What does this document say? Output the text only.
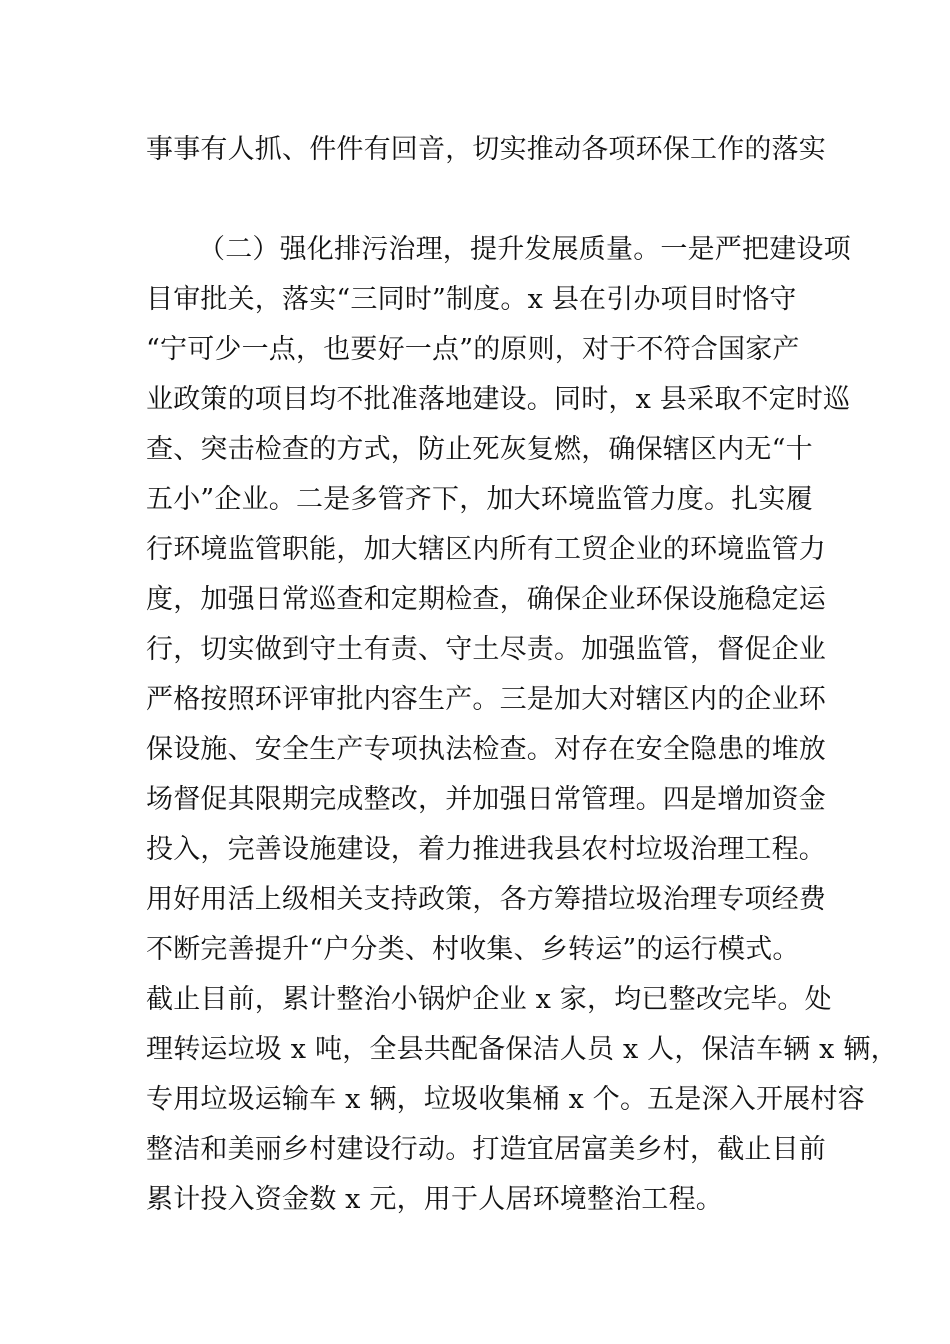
事事有人抓、件件有回音，切实推动各项环保工作的落实
（二）强化排污治理，提升发展质量。一是严把建设项
目审批关，落实“三同时”制度。x 县在引办项目时恪守
“宁可少一点，也要好一点”的原则，对于不符合国家产
业政策的项目均不批准落地建设。同时，x 县采取不定时巡
查、突击检查的方式，防止死灰复燃，确保辖区内无“十
五小”企业。二是多管齐下，加大环境监管力度。扎实履
行环境监管职能，加大辖区内所有工贸企业的环境监管力
度，加强日常巡查和定期检查，确保企业环保设施稳定运
行，切实做到守土有责、守土尽责。加强监管，督促企业
严格按照环评审批内容生产。三是加大对辖区内的企业环
保设施、安全生产专项执法检查。对存在安全隐患的堆放
场督促其限期完成整改，并加强日常管理。四是增加资金
投入，完善设施建设，着力推进我县农村垃圾治理工程。
用好用活上级相关支持政策，各方筹措垃圾治理专项经费
不断完善提升“户分类、村收集、乡转运”的运行模式。
截止目前，累计整治小锅炉企业 x 家，均已整改完毕。处
理转运垃圾 x 吨，全县共配备保洁人员 x 人，保洁车辆 x 辆，
专用垃圾运输车 x 辆，垃圾收集桶 x 个。五是深入开展村容
整洁和美丽乡村建设行动。打造宜居富美乡村，截止目前
累计投入资金数 x 元，用于人居环境整治工程。
